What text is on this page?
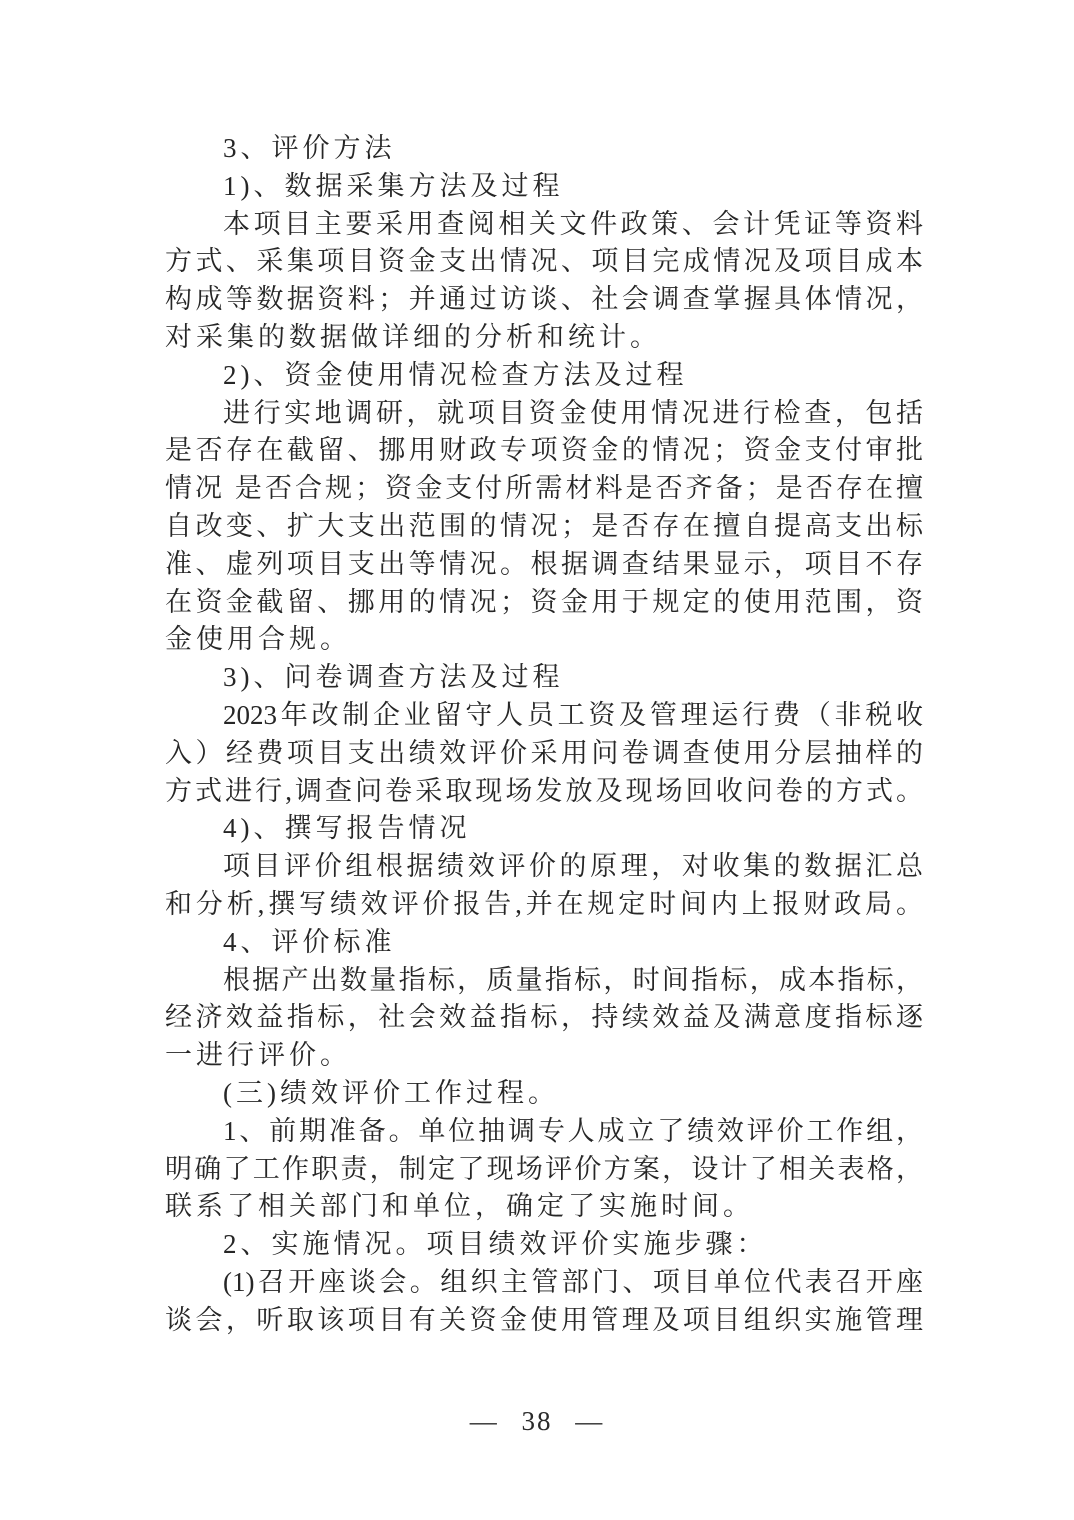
3、评价方法
1)、数据采集方法及过程
本项目主要采用查阅相关文件政策、会计凭证等资料
方式、采集项目资金支出情况、项目完成情况及项目成本
构成等数据资料；并通过访谈、社会调查掌握具体情况，
对采集的数据做详细的分析和统计。
2)、资金使用情况检查方法及过程
进行实地调研，就项目资金使用情况进行检查，包括
是否存在截留、挪用财政专项资金的情况；资金支付审批
情况 是否合规；资金支付所需材料是否齐备；是否存在擅
自改变、扩大支出范围的情况；是否存在擅自提高支出标
准、虚列项目支出等情况。根据调查结果显示，项目不存
在资金截留、挪用的情况；资金用于规定的使用范围，资
金使用合规。
3)、问卷调查方法及过程
2023年改制企业留守人员工资及管理运行费（非税收
入）经费项目支出绩效评价采用问卷调查使用分层抽样的
方式进行,调查问卷采取现场发放及现场回收问卷的方式。
4)、撰写报告情况
项目评价组根据绩效评价的原理，对收集的数据汇总
和分析,撰写绩效评价报告,并在规定时间内上报财政局。
4、评价标准
根据产出数量指标，质量指标，时间指标，成本指标，
经济效益指标，社会效益指标，持续效益及满意度指标逐
一进行评价。
(三)绩效评价工作过程。
1、前期准备。单位抽调专人成立了绩效评价工作组，
明确了工作职责，制定了现场评价方案，设计了相关表格，
联系了相关部门和单位，确定了实施时间。
2、实施情况。项目绩效评价实施步骤：
(1)召开座谈会。组织主管部门、项目单位代表召开座
谈会，听取该项目有关资金使用管理及项目组织实施管理
— 38 —
